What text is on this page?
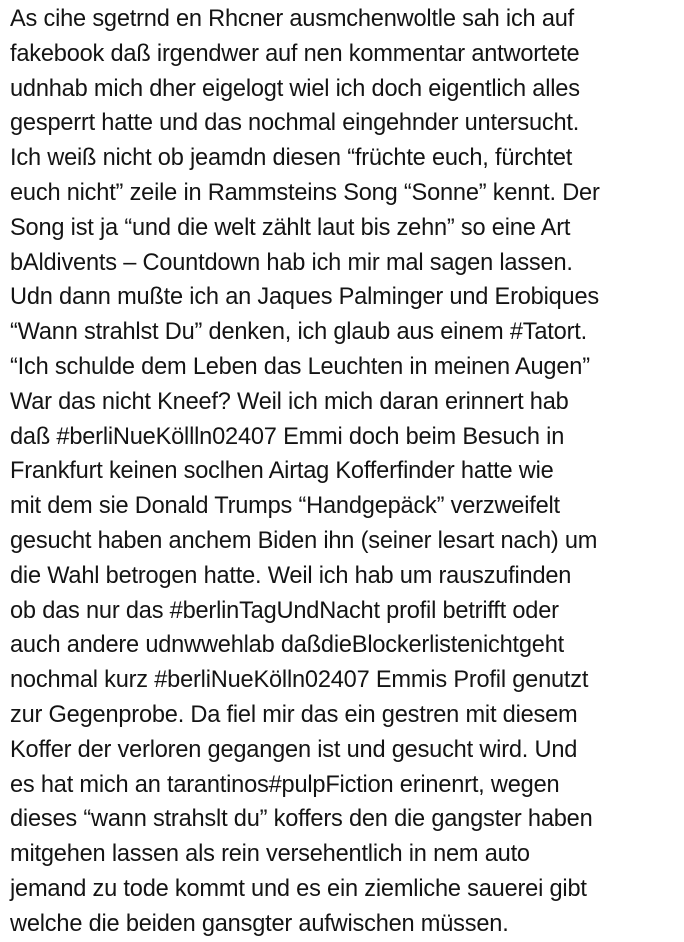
As cihe sgetrnd en Rhcner ausmchenwoltle sah ich auf
fakebook daß irgendwer auf nen kommentar antwortete
udnhab mich dher eigelogt wiel ich doch eigentlich alles
gesperrt hatte und das nochmal eingehnder untersucht.
Ich weiß nicht ob jeamdn diesen “früchte euch, fürchtet
euch nicht” zeile in Rammsteins Song “Sonne” kennt. Der
Song ist ja “und die welt zählt laut bis zehn” so eine Art
bAldivents – Countdown hab ich mir mal sagen lassen.
Udn dann mußte ich an Jaques Palminger und Erobiques
“Wann strahlst Du” denken, ich glaub aus einem #Tatort.
“Ich schulde dem Leben das Leuchten in meinen Augen”
War das nicht Kneef? Weil ich mich daran erinnert hab
daß #berliNueKöllln02407 Emmi doch beim Besuch in
Frankfurt keinen soclhen Airtag Kofferfinder hatte wie
mit dem sie Donald Trumps “Handgepäck” verzweifelt
gesucht haben anchem Biden ihn (seiner lesart nach) um
die Wahl betrogen hatte. Weil ich hab um rauszufinden
ob das nur das #berlinTagUndNacht profil betrifft oder
auch andere udnwwehlab daßdieBlockerlistenichtgeht
nochmal kurz #berliNueKölln02407 Emmis Profil genutzt
zur Gegenprobe. Da fiel mir das ein gestren mit diesem
Koffer der verloren gegangen ist und gesucht wird. Und
es hat mich an tarantinos#pulpFiction erinenrt, wegen
dieses “wann strahslt du” koffers den die gangster haben
mitgehen lassen als rein versehentlich in nem auto
jemand zu tode kommt und es ein ziemliche sauerei gibt
welche die beiden gansgter aufwischen müssen.
